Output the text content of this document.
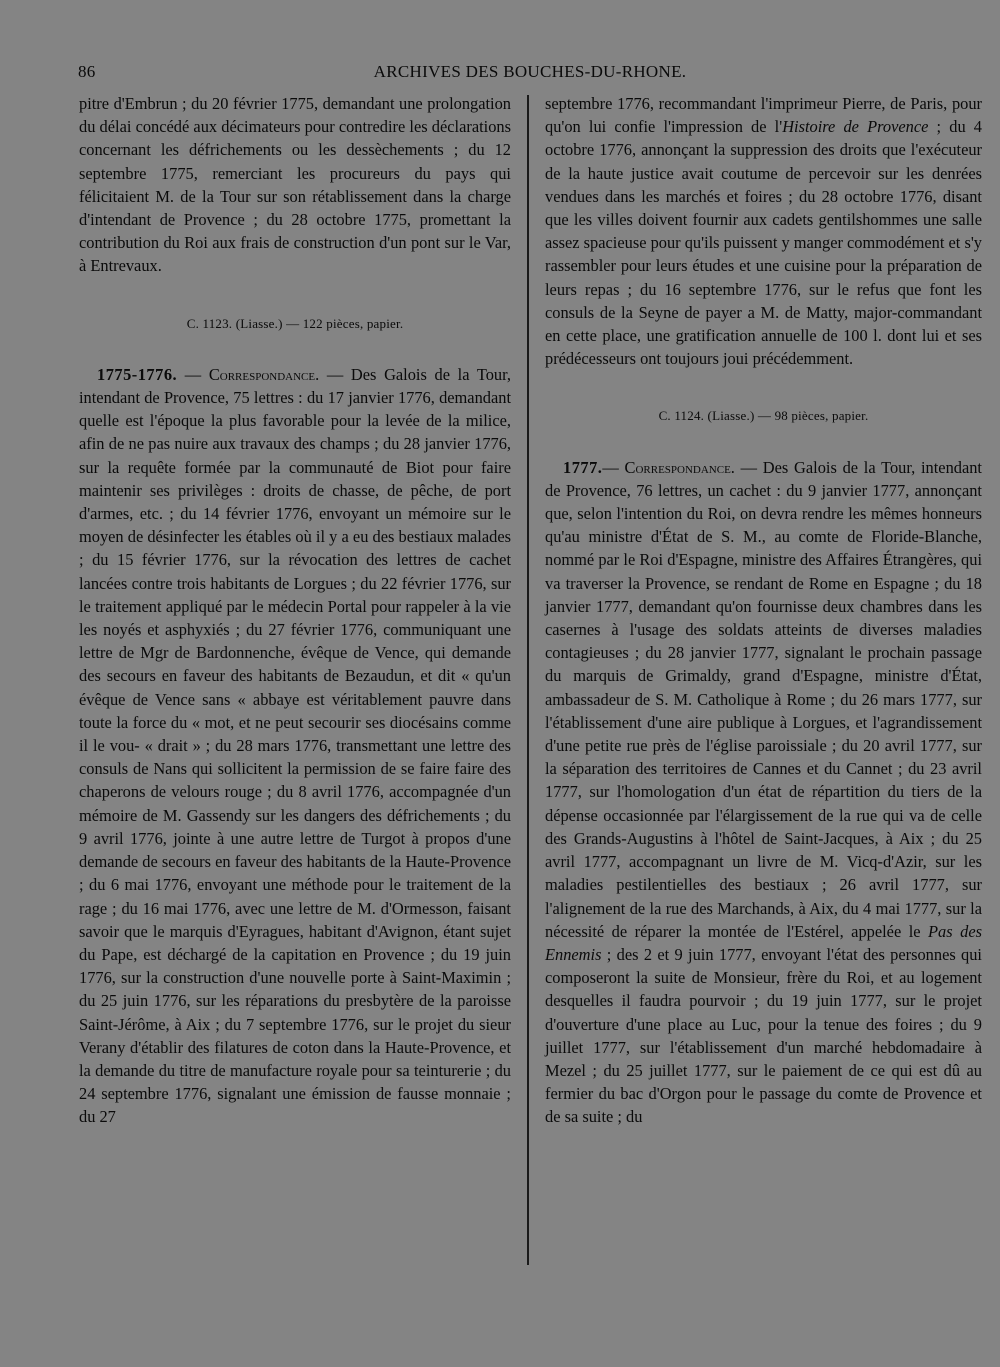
86	ARCHIVES DES BOUCHES-DU-RHONE.

pitre d'Embrun ; du 20 février 1775, demandant une prolongation du délai concédé aux décimateurs pour contredire les déclarations concernant les défrichements ou les dessèchements ; du 12 septembre 1775, remerciant les procureurs du pays qui félicitaient M. de la Tour sur son rétablissement dans la charge d'intendant de Provence ; du 28 octobre 1775, promettant la contribution du Roi aux frais de construction d'un pont sur le Var, à Entrevaux.

C. 1123. (Liasse.) — 122 pièces, papier.

1775-1776. — Correspondance. — Des Galois de la Tour, intendant de Provence, 75 lettres : du 17 janvier 1776, demandant quelle est l'époque la plus favorable pour la levée de la milice, afin de ne pas nuire aux travaux des champs ; du 28 janvier 1776, sur la requête formée par la communauté de Biot pour faire maintenir ses privilèges : droits de chasse, de pêche, de port d'armes, etc. ; du 14 février 1776, envoyant un mémoire sur le moyen de désinfecter les étables où il y a eu des bestiaux malades ; du 15 février 1776, sur la révocation des lettres de cachet lancées contre trois habitants de Lorgues ; du 22 février 1776, sur le traitement appliqué par le médecin Portal pour rappeler à la vie les noyés et asphyxiés ; du 27 février 1776, communiquant une lettre de Mgr de Bardonnenche, évêque de Vence, qui demande des secours en faveur des habitants de Bezaudun, et dit « qu'un évêque de Vence sans « abbaye est véritablement pauvre dans toute la force du « mot, et ne peut secourir ses diocésains comme il le vou- « drait » ; du 28 mars 1776, transmettant une lettre des consuls de Nans qui sollicitent la permission de se faire faire des chaperons de velours rouge ; du 8 avril 1776, accompagnée d'un mémoire de M. Gassendy sur les dangers des défrichements ; du 9 avril 1776, jointe à une autre lettre de Turgot à propos d'une demande de secours en faveur des habitants de la Haute-Provence ; du 6 mai 1776, envoyant une méthode pour le traitement de la rage ; du 16 mai 1776, avec une lettre de M. d'Ormesson, faisant savoir que le marquis d'Eyragues, habitant d'Avignon, étant sujet du Pape, est déchargé de la capitation en Provence ; du 19 juin 1776, sur la construction d'une nouvelle porte à Saint-Maximin ; du 25 juin 1776, sur les réparations du presbytère de la paroisse Saint-Jérôme, à Aix ; du 7 septembre 1776, sur le projet du sieur Verany d'établir des filatures de coton dans la Haute-Provence, et la demande du titre de manufacture royale pour sa teinturerie ; du 24 septembre 1776, signalant une émission de fausse monnaie ; du 27

septembre 1776, recommandant l'imprimeur Pierre, de Paris, pour qu'on lui confie l'impression de l'Histoire de Provence ; du 4 octobre 1776, annonçant la suppression des droits que l'exécuteur de la haute justice avait coutume de percevoir sur les denrées vendues dans les marchés et foires ; du 28 octobre 1776, disant que les villes doivent fournir aux cadets gentilshommes une salle assez spacieuse pour qu'ils puissent y manger commodément et s'y rassembler pour leurs études et une cuisine pour la préparation de leurs repas ; du 16 septembre 1776, sur le refus que font les consuls de la Seyne de payer a M. de Matty, major-commandant en cette place, une gratification annuelle de 100 l. dont lui et ses prédécesseurs ont toujours joui précédemment.

C. 1124. (Liasse.) — 98 pièces, papier.

1777.— Correspondance. — Des Galois de la Tour, intendant de Provence, 76 lettres, un cachet : du 9 janvier 1777, annonçant que, selon l'intention du Roi, on devra rendre les mêmes honneurs qu'au ministre d'État de S. M., au comte de Floride-Blanche, nommé par le Roi d'Espagne, ministre des Affaires Étrangères, qui va traverser la Provence, se rendant de Rome en Espagne ; du 18 janvier 1777, demandant qu'on fournisse deux chambres dans les casernes à l'usage des soldats atteints de diverses maladies contagieuses ; du 28 janvier 1777, signalant le prochain passage du marquis de Grimaldy, grand d'Espagne, ministre d'État, ambassadeur de S. M. Catholique à Rome ; du 26 mars 1777, sur l'établissement d'une aire publique à Lorgues, et l'agrandissement d'une petite rue près de l'église paroissiale ; du 20 avril 1777, sur la séparation des territoires de Cannes et du Cannet ; du 23 avril 1777, sur l'homologation d'un état de répartition du tiers de la dépense occasionnée par l'élargissement de la rue qui va de celle des Grands-Augustins à l'hôtel de Saint-Jacques, à Aix ; du 25 avril 1777, accompagnant un livre de M. Vicq-d'Azir, sur les maladies pestilentielles des bestiaux ; 26 avril 1777, sur l'alignement de la rue des Marchands, à Aix, du 4 mai 1777, sur la nécessité de réparer la montée de l'Estérel, appelée le Pas des Ennemis ; des 2 et 9 juin 1777, envoyant l'état des personnes qui composeront la suite de Monsieur, frère du Roi, et au logement desquelles il faudra pourvoir ; du 19 juin 1777, sur le projet d'ouverture d'une place au Luc, pour la tenue des foires ; du 9 juillet 1777, sur l'établissement d'un marché hebdomadaire à Mezel ; du 25 juillet 1777, sur le paiement de ce qui est dû au fermier du bac d'Orgon pour le passage du comte de Provence et de sa suite ; du
